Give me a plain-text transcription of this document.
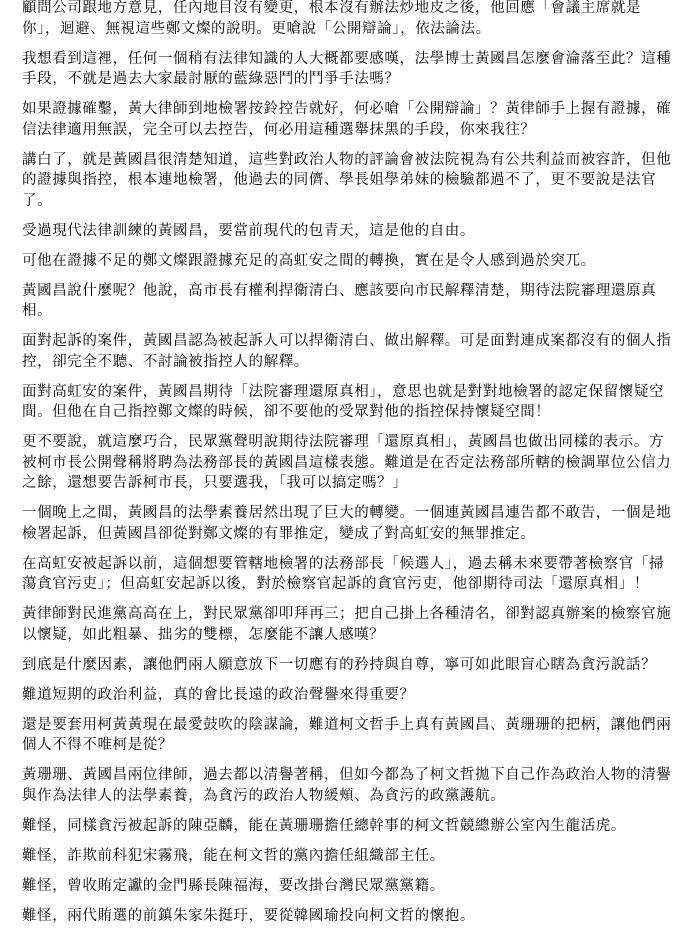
顧問公司跟地方意見，任內地目沒有變更，根本沒有辦法炒地皮之後，他回應「會議主席就是你」，迴避、無視這些鄭文燦的說明。更嗆說「公開辯論」，依法論法。

我想看到這裡，任何一個稍有法律知識的人大概都要感嘆，法學博士黃國昌怎麼會淪落至此？這種手段，不就是過去大家最討厭的藍綠惡鬥的鬥爭手法嗎？

如果證據確鑿，黃大律師到地檢署按鈴控告就好，何必嗆「公開辯論」？黃律師手上握有證據，確信法律適用無誤，完全可以去控告，何必用這種選舉抹黑的手段，你來我往？

講白了，就是黃國昌很清楚知道，這些對政治人物的評論會被法院視為有公共利益而被容許，但他的證據與指控，根本連地檢署，他過去的同儕、學長姐學弟妹的檢驗都過不了，更不要說是法官了。

受過現代法律訓練的黃國昌，要當前現代的包青天，這是他的自由。

可他在證據不足的鄭文燦跟證據充足的高虹安之間的轉換，實在是令人感到過於突兀。

黃國昌說什麼呢？他說，高市長有權利捍衛清白、應該要向市民解釋清楚，期待法院審理還原真相。

面對起訴的案件，黃國昌認為被起訴人可以捍衛清白、做出解釋。可是面對連成案都沒有的個人指控，卻完全不聽、不討論被指控人的解釋。

面對高虹安的案件，黃國昌期待「法院審理還原真相」，意思也就是對對地檢署的認定保留懷疑空間。但他在自己指控鄭文燦的時候，卻不要他的受眾對他的指控保持懷疑空間！

更不要說，就這麼巧合，民眾黨聲明說期待法院審理「還原真相」，黃國昌也做出同樣的表示。方被柯市長公開聲稱將聘為法務部長的黃國昌這樣表態。難道是在否定法務部所轄的檢調單位公信力之餘，還想要告訴柯市長，只要選我，「我可以搞定嗎？」

一個晚上之間，黃國昌的法學素養居然出現了巨大的轉變。一個連黃國昌連告都不敢告，一個是地檢署起訴，但黃國昌卻從對鄭文燦的有罪推定，變成了對高虹安的無罪推定。

在高虹安被起訴以前，這個想要管轄地檢署的法務部長「候選人」，過去稱未來要帶著檢察官「掃蕩貪官污吏」；但高虹安起訴以後，對於檢察官起訴的貪官污吏，他卻期待司法「還原真相」！

黃律師對民進黨高高在上，對民眾黨卻叩拜再三；把自己掛上各種清名，卻對認真辦案的檢察官施以懷疑，如此粗暴、拙劣的雙標，怎麼能不讓人感嘆？

到底是什麼因素，讓他們兩人願意放下一切應有的矜持與自尊，寧可如此眼盲心瞎為貪污說話？

難道短期的政治利益，真的會比長遠的政治聲譽來得重要？

還是要套用柯黃黃現在最愛鼓吹的陰謀論，難道柯文哲手上真有黃國昌、黃珊珊的把柄，讓他們兩個人不得不唯柯是從？

黃珊珊、黃國昌兩位律師，過去都以清譽著稱，但如今都為了柯文哲拋下自己作為政治人物的清譽與作為法律人的法學素養，為貪污的政治人物緩頰、為貪污的政黨護航。

難怪，同樣貪污被起訴的陳亞麟，能在黃珊珊擔任總幹事的柯文哲競總辦公室內生龍活虎。

難怪，詐欺前科犯宋霧飛，能在柯文哲的黨內擔任組織部主任。

難怪，曾收賄定讞的金門縣長陳福海，要改掛台灣民眾黨黨籍。

難怪，兩代賄選的前鎮朱家朱挺玗，要從韓國瑜投向柯文哲的懷抱。
